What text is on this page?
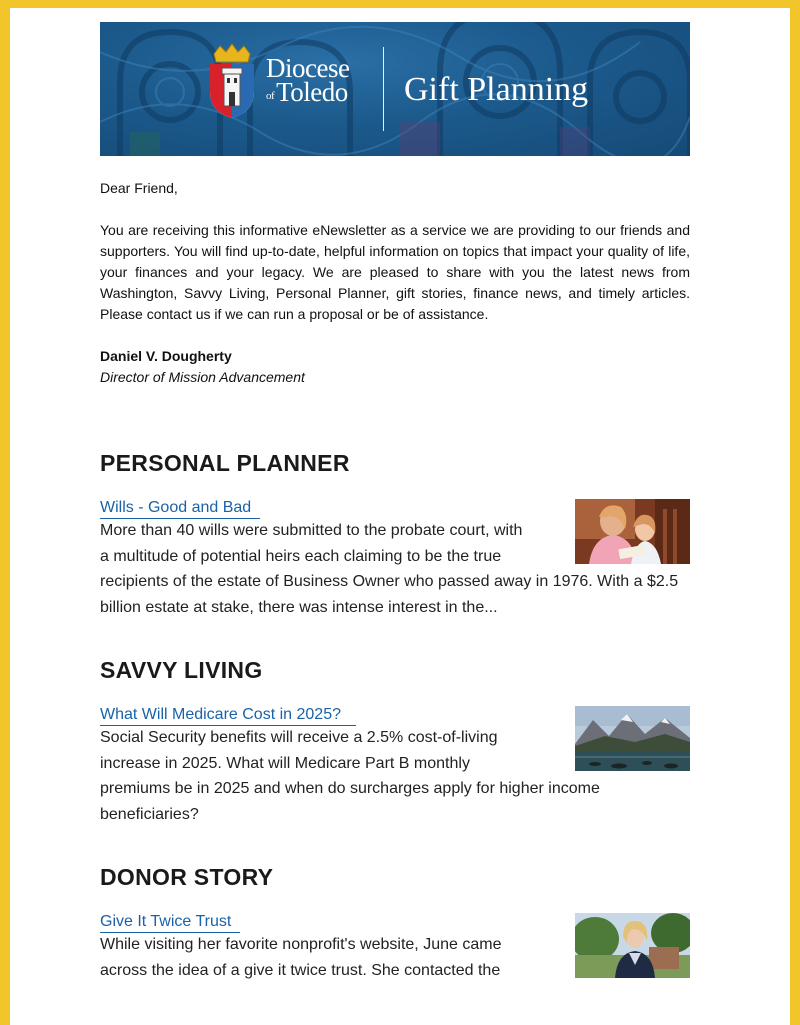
Diocese
ofToledo Gift Planning
Dear Friend,
You are receiving this informative eNewsletter as a service we are providing to our friends and supporters. You will find up-to-date, helpful information on topics that impact your quality of life, your finances and your legacy. We are pleased to share with you the latest news from Washington, Savvy Living, Personal Planner, gift stories, finance news, and timely articles. Please contact us if we can run a proposal or be of assistance.
Daniel V. Dougherty
Director of Mission Advancement
PERSONAL PLANNER
Wills - Good and Bad

More than 40 wills were submitted to the probate court, with a multitude of potential heirs each claiming to be the true recipients of the estate of Business Owner who passed away in 1976. With a $2.5 billion estate at stake, there was intense interest in the...

SAVVY LIVING
What Will Medicare Cost in 2025?

Social Security benefits will receive a 2.5% cost-of-living increase in 2025. What will Medicare Part B monthly premiums be in 2025 and when do surcharges apply for higher income beneficiaries?

DONOR STORY
Give It Twice Trust

While visiting her favorite nonprofit's website, June came across the idea of a give it twice trust. She contacted the
